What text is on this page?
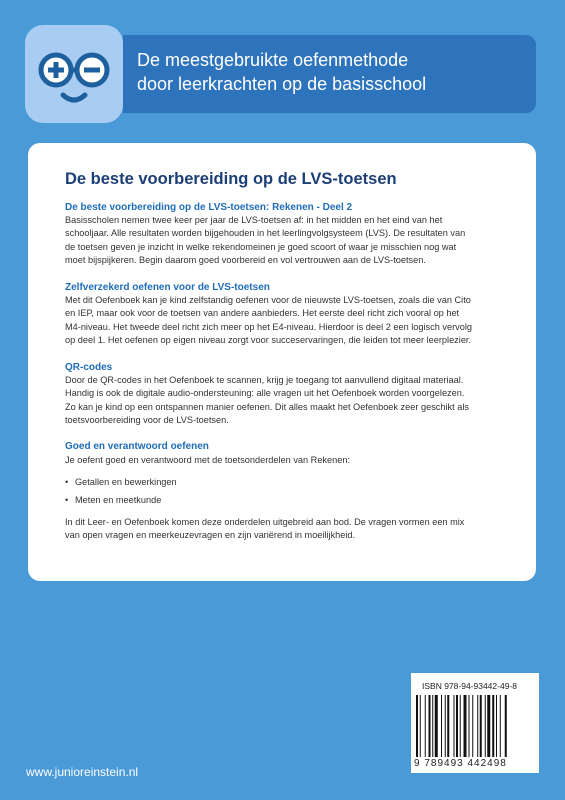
De meestgebruikte oefenmethode
door leerkrachten op de basisschool
De beste voorbereiding op de LVS-toetsen
De beste voorbereiding op de LVS-toetsen: Rekenen - Deel 2
Basisscholen nemen twee keer per jaar de LVS-toetsen af: in het midden en het eind van het
schooljaar. Alle resultaten worden bijgehouden in het leerlingvolgsysteem (LVS). De resultaten van
de toetsen geven je inzicht in welke rekendomeinen je goed scoort of waar je misschien nog wat
moet bijspijkeren. Begin daarom goed voorbereid en vol vertrouwen aan de LVS-toetsen.
Zelfverzekerd oefenen voor de LVS-toetsen
Met dit Oefenboek kan je kind zelfstandig oefenen voor de nieuwste LVS-toetsen, zoals die van Cito
en IEP, maar ook voor de toetsen van andere aanbieders. Het eerste deel richt zich vooral op het
M4-niveau. Het tweede deel richt zich meer op het E4-niveau. Hierdoor is deel 2 een logisch vervolg
op deel 1. Het oefenen op eigen niveau zorgt voor succeservaringen, die leiden tot meer leerplezier.
QR-codes
Door de QR-codes in het Oefenboek te scannen, krijg je toegang tot aanvullend digitaal materiaal.
Handig is ook de digitale audio-ondersteuning: alle vragen uit het Oefenboek worden voorgelezen.
Zo kan je kind op een ontspannen manier oefenen. Dit alles maakt het Oefenboek zeer geschikt als
toetsvoorbereiding voor de LVS-toetsen.
Goed en verantwoord oefenen
Je oefent goed en verantwoord met de toetsonderdelen van Rekenen:
• Getallen en bewerkingen
• Meten en meetkunde
In dit Leer- en Oefenboek komen deze onderdelen uitgebreid aan bod. De vragen vormen een mix
van open vragen en meerkeuzevragen en zijn variërend in moeilijkheid.
ISBN 978-94-93442-49-8
9 789493 442498
www.junioreinstein.nl
